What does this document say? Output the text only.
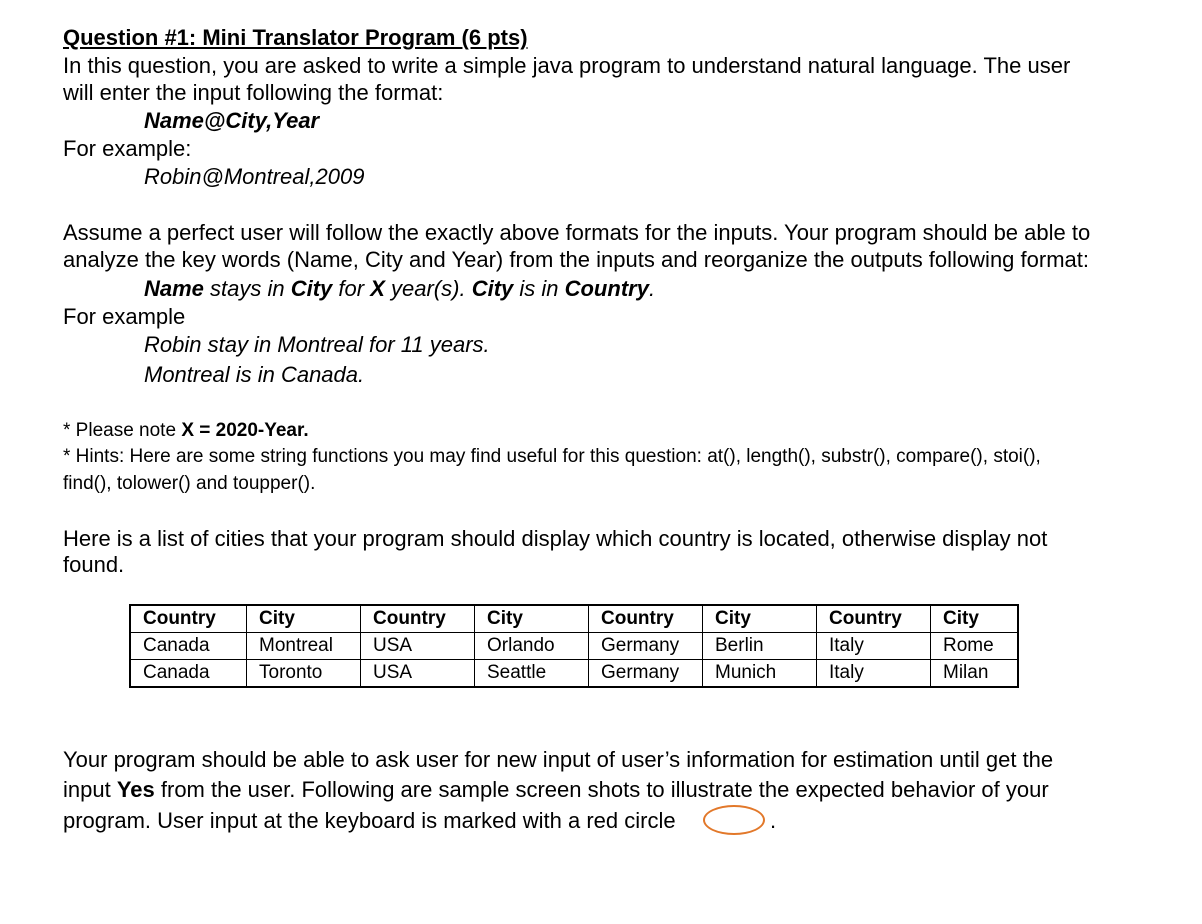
Question #1: Mini Translator Program (6 pts)
In this question, you are asked to write a simple java program to understand natural language. The user
will enter the input following the format:
Name@City,Year
For example:
Robin@Montreal,2009
Assume a perfect user will follow the exactly above formats for the inputs. Your program should be able to
analyze the key words (Name, City and Year) from the inputs and reorganize the outputs following format:
Name stays in City for X year(s). City is in Country.
For example
Robin stay in Montreal for 11 years.
Montreal is in Canada.
* Please note X = 2020-Year.
* Hints: Here are some string functions you may find useful for this question: at(), length(), substr(), compare(), stoi(),
find(), tolower() and toupper().
Here is a list of cities that your program should display which country is located, otherwise display not
found.
Country	City	Country	City	Country	City	Country	City
Canada	Montreal	USA	Orlando	Germany	Berlin	Italy	Rome
Canada	Toronto	USA	Seattle	Germany	Munich	Italy	Milan
Your program should be able to ask user for new input of user’s information for estimation until get the
input Yes from the user. Following are sample screen shots to illustrate the expected behavior of your
program. User input at the keyboard is marked with a red circle	.
